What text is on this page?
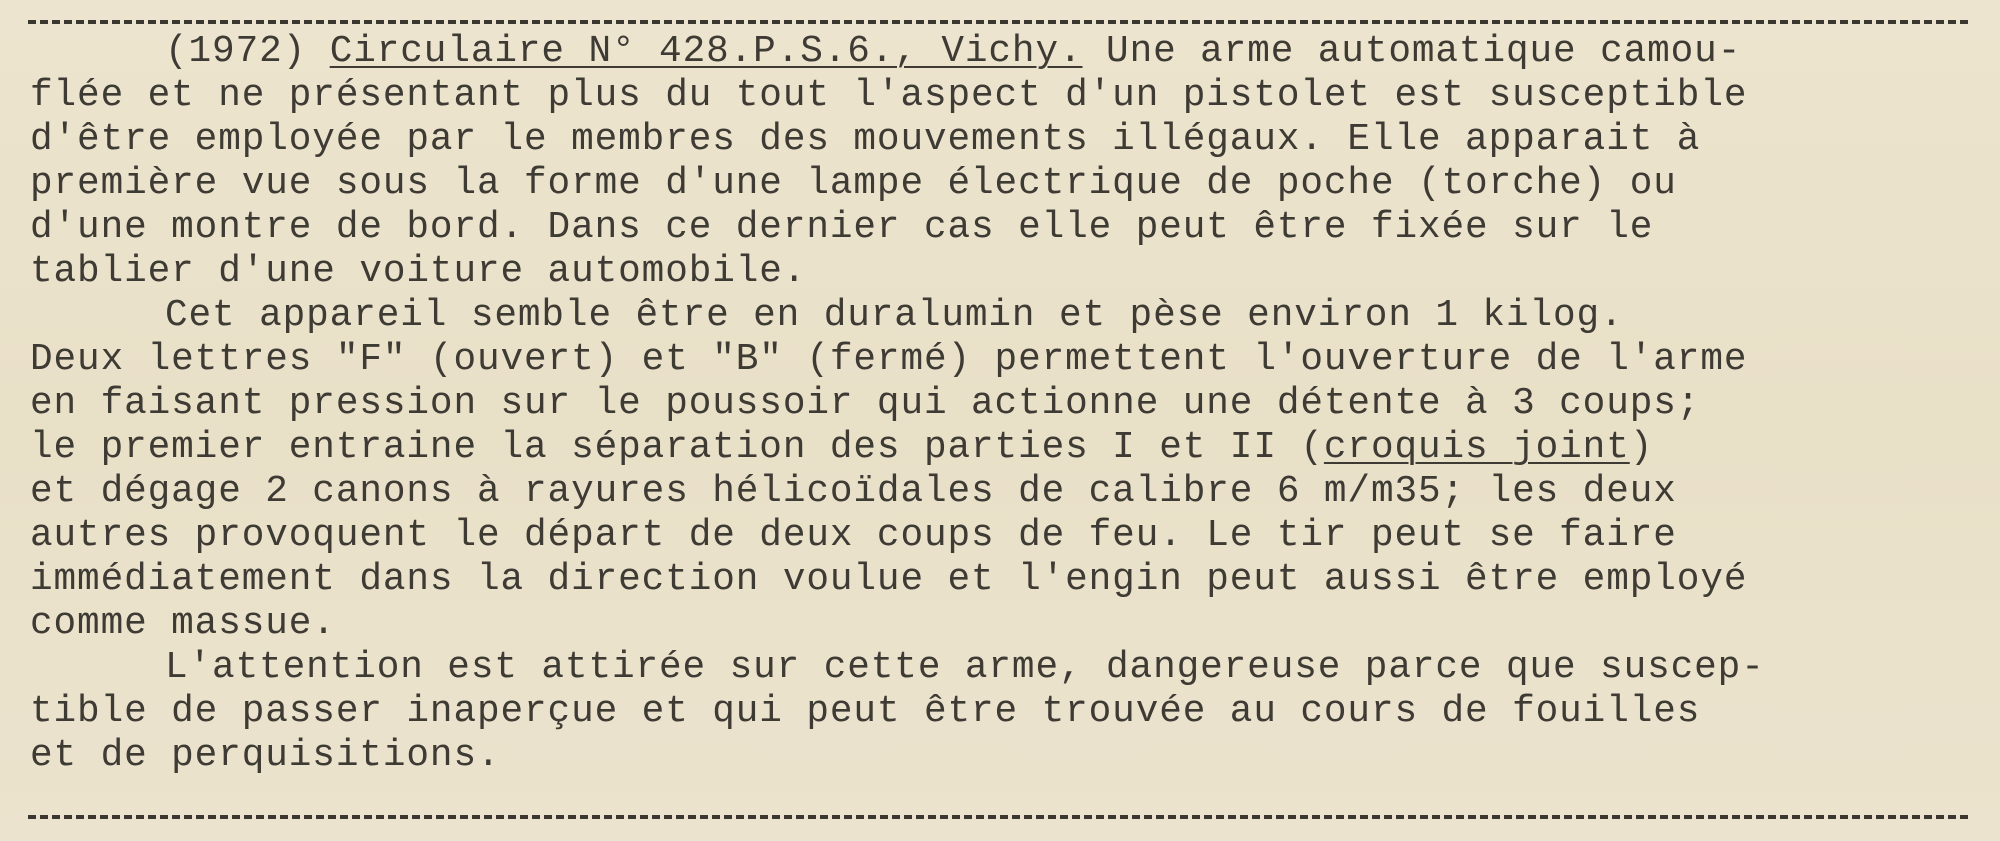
(1972) Circulaire N° 428.P.S.6., Vichy. Une arme automatique camou-
flée et ne présentant plus du tout l'aspect d'un pistolet est susceptible
d'être employée par le membres des mouvements illégaux. Elle apparait à
première vue sous la forme d'une lampe électrique de poche (torche) ou
d'une montre de bord. Dans ce dernier cas elle peut être fixée sur le
tablier d'une voiture automobile.
Cet appareil semble être en duralumin et pèse environ 1 kilog.
Deux lettres "F" (ouvert) et "B" (fermé) permettent l'ouverture de l'arme
en faisant pression sur le poussoir qui actionne une détente à 3 coups;
le premier entraine la séparation des parties I et II (croquis joint)
et dégage 2 canons à rayures hélicoïdales de calibre 6 m/m35; les deux
autres provoquent le départ de deux coups de feu. Le tir peut se faire
immédiatement dans la direction voulue et l'engin peut aussi être employé
comme massue.
L'attention est attirée sur cette arme, dangereuse parce que suscep-
tible de passer inaperçue et qui peut être trouvée au cours de fouilles
et de perquisitions.
